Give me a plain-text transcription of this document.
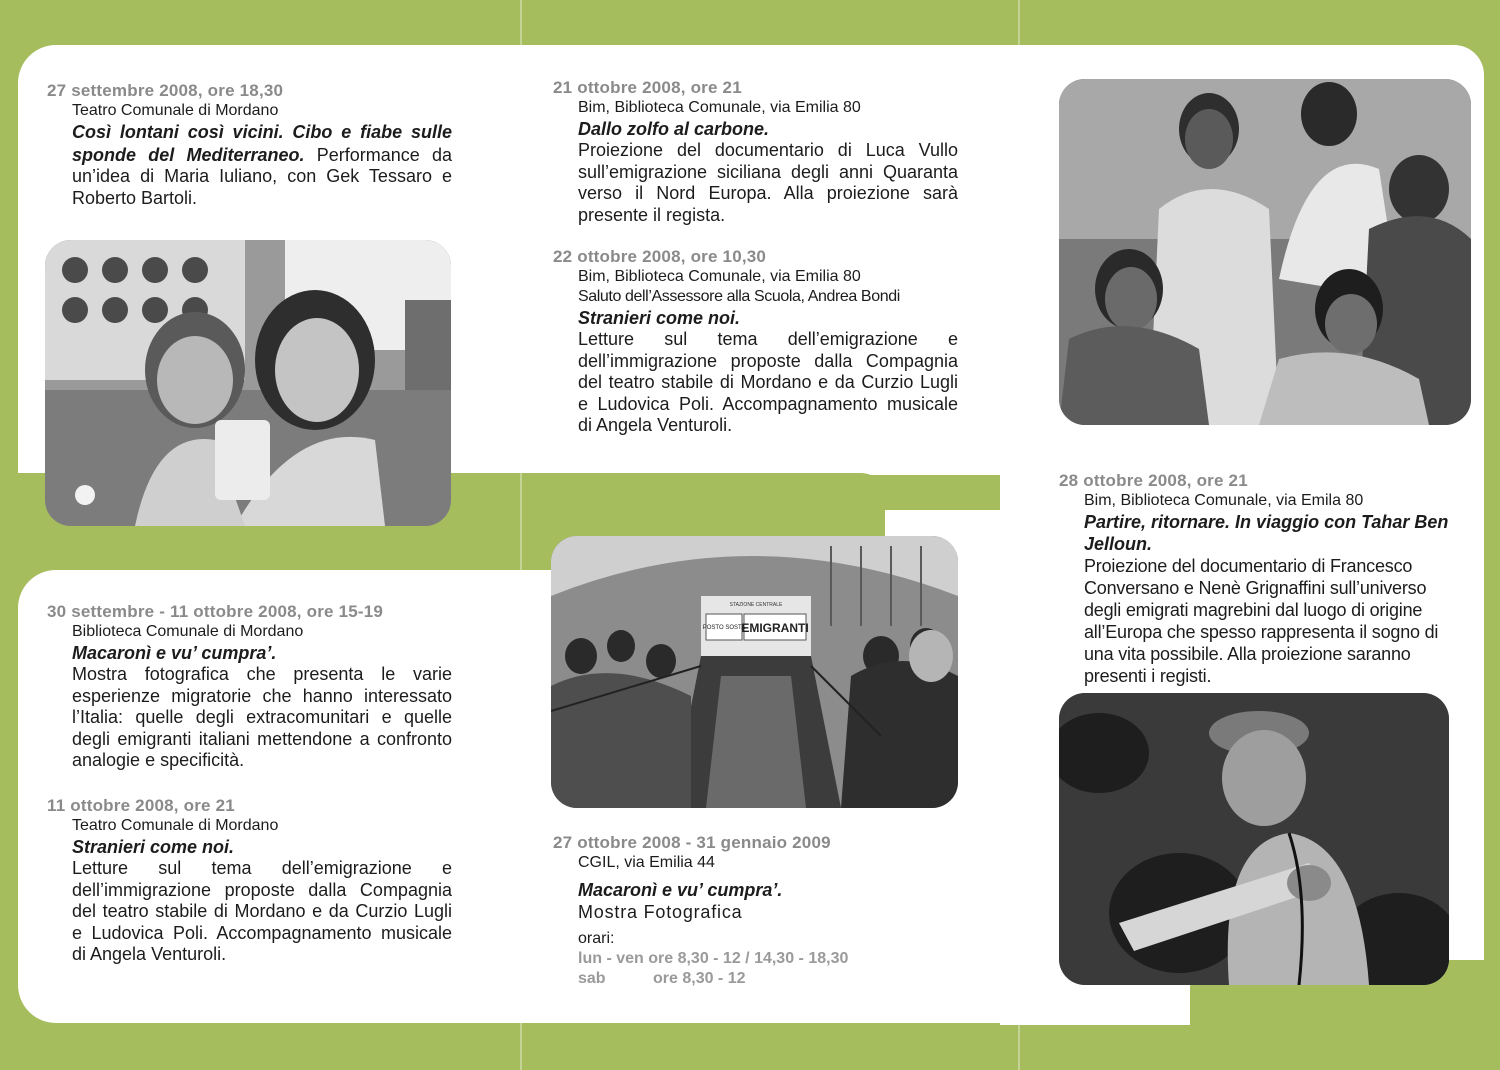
27 settembre 2008, ore 18,30
Teatro Comunale di Mordano
Così lontani così vicini. Cibo e fiabe sulle sponde del Mediterraneo. Performance da un’idea di Maria Iuliano, con Gek Tessaro e Roberto Bartoli.
30 settembre - 11 ottobre 2008, ore 15-19
Biblioteca Comunale di Mordano
Macaronì e vu’ cumpra’.
Mostra fotografica che presenta le varie esperienze migratorie che hanno interessato l’Italia: quelle degli extracomunitari e quelle degli emigranti italiani mettendone a confronto analogie e specificità.
11 ottobre 2008, ore 21
Teatro Comunale di Mordano
Stranieri come noi.
Letture sul tema dell’emigrazione e dell’immigrazione proposte dalla Compagnia del teatro stabile di Mordano e da Curzio Lugli e Ludovica Poli. Accompagnamento musicale di Angela Venturoli.
21 ottobre 2008, ore 21
Bim, Biblioteca Comunale, via Emilia 80
Dallo zolfo al carbone.
Proiezione del documentario di Luca Vullo sull’emigrazione siciliana degli anni Quaranta verso il Nord Europa. Alla proiezione sarà presente il regista.
22 ottobre 2008, ore 10,30
Bim, Biblioteca Comunale, via Emilia 80
Saluto dell’Assessore alla Scuola, Andrea Bondi
Stranieri come noi.
Letture sul tema dell’emigrazione e dell’immigrazione proposte dalla Compagnia del teatro stabile di Mordano e da Curzio Lugli e Ludovica Poli. Accompagnamento musicale di Angela Venturoli.
STAZIONE CENTRALE
POSTO SOSTA
EMIGRANTI
27 ottobre 2008 - 31 gennaio 2009
CGIL, via Emilia 44
Macaronì e vu’ cumpra’.
Mostra Fotografica
orari:
lun - ven ore 8,30 - 12 / 14,30 - 18,30
sab	ore 8,30 - 12
28 ottobre 2008, ore 21
Bim, Biblioteca Comunale, via Emila 80
Partire, ritornare. In viaggio con Tahar Ben Jelloun.
Proiezione del documentario di Francesco Conversano e Nenè Grignaffini sull’universo degli emigrati magrebini dal luogo di origine all’Europa che spesso rappresenta il sogno di una vita possibile. Alla proiezione saranno presenti i registi.
